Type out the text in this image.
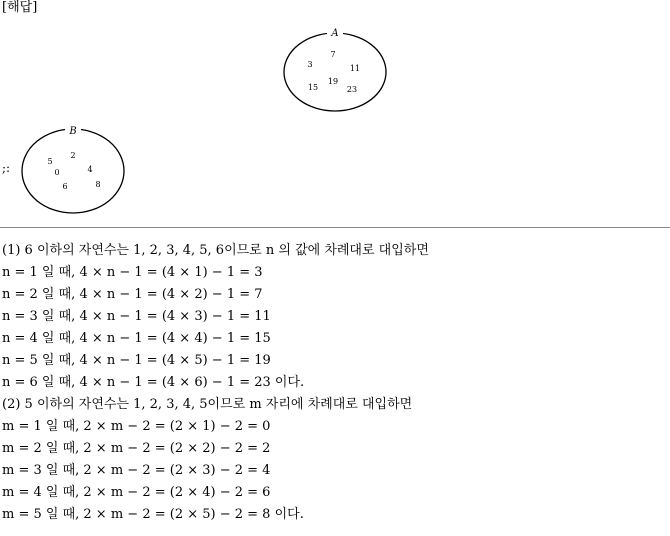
[해답]
A
7
3	11
19
15	23
B
5
2
4
0
6	8
;:
(1) 6 이하의 자연수는 1, 2, 3, 4, 5, 6이므로 n 의 값에 차례대로 대입하면
n = 1 일 때, 4 × n − 1 = (4 × 1) − 1 = 3
n = 2 일 때, 4 × n − 1 = (4 × 2) − 1 = 7
n = 3 일 때, 4 × n − 1 = (4 × 3) − 1 = 11
n = 4 일 때, 4 × n − 1 = (4 × 4) − 1 = 15
n = 5 일 때, 4 × n − 1 = (4 × 5) − 1 = 19
n = 6 일 때, 4 × n − 1 = (4 × 6) − 1 = 23 이다.
(2) 5 이하의 자연수는 1, 2, 3, 4, 5이므로 m 자리에 차례대로 대입하면
m = 1 일 때, 2 × m − 2 = (2 × 1) − 2 = 0
m = 2 일 때, 2 × m − 2 = (2 × 2) − 2 = 2
m = 3 일 때, 2 × m − 2 = (2 × 3) − 2 = 4
m = 4 일 때, 2 × m − 2 = (2 × 4) − 2 = 6
m = 5 일 때, 2 × m − 2 = (2 × 5) − 2 = 8 이다.
